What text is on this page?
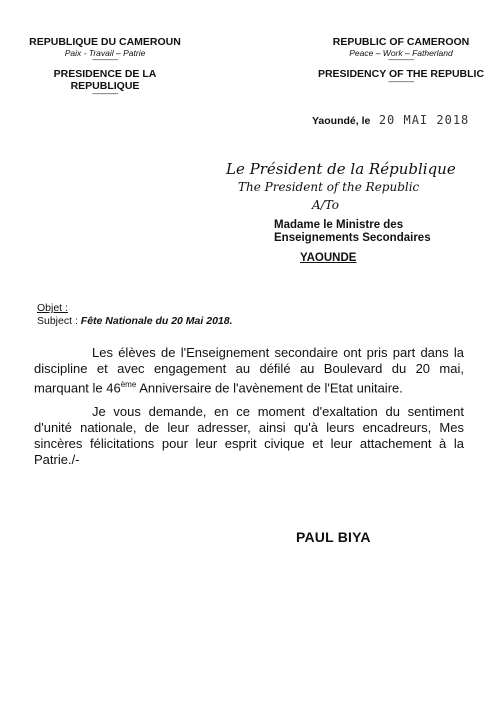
REPUBLIQUE DU CAMEROUN
Paix - Travail – Patrie
--------------
PRESIDENCE DE LA REPUBLIQUE
--------------
REPUBLIC OF CAMEROON
Peace – Work – Fatherland
--------------
PRESIDENCY OF THE REPUBLIC
--------------
Yaoundé, le 20 MAI 2018
Le Président de la République
The President of the Republic
A/To
Madame le Ministre des
Enseignements Secondaires
YAOUNDE
Objet :
Subject : Fête Nationale du 20 Mai 2018.

Les élèves de l'Enseignement secondaire ont pris part dans la discipline et avec engagement au défilé au Boulevard du 20 mai, marquant le 46ème Anniversaire de l'avènement de l'Etat unitaire.

Je vous demande, en ce moment d'exaltation du sentiment d'unité nationale, de leur adresser, ainsi qu'à leurs encadreurs, Mes sincères félicitations pour leur esprit civique et leur attachement à la Patrie./-

PAUL BIYA
